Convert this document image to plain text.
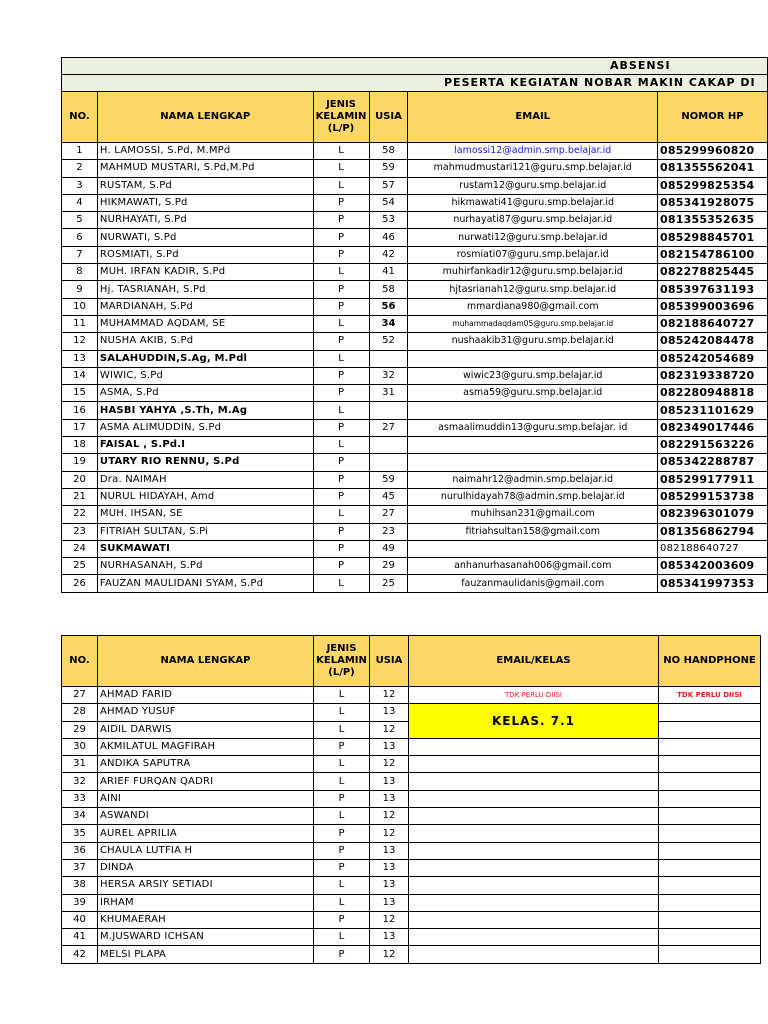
ABSENSI					
PESERTA KEGIATAN NOBAR MAKIN CAKAP DI					
NO.	NAMA LENGKAP	JENIS KELAMIN (L/P)	USIA	EMAIL	NOMOR HP
1	H. LAMOSSI, S.Pd, M.MPd	L	58	lamossi12@admin.smp.belajar.id	085299960820
2	MAHMUD MUSTARI, S.Pd,M.Pd	L	59	mahmudmustari121@guru.smp.belajar.id	081355562041
3	RUSTAM, S.Pd	L	57	rustam12@guru.smp.belajar.id	085299825354
4	HIKMAWATI, S.Pd	P	54	hikmawati41@guru.smp.belajar.id	085341928075
5	NURHAYATI, S.Pd	P	53	nurhayati87@guru.smp.belajar.id	081355352635
6	NURWATI, S.Pd	P	46	nurwati12@guru.smp.belajar.id	085298845701
7	ROSMIATI, S.Pd	P	42	rosmiati07@guru.smp.belajar.id	082154786100
8	MUH. IRFAN KADIR, S.Pd	L	41	muhirfankadir12@guru.smp.belajar.id	082278825445
9	Hj. TASRIANAH, S.Pd	P	58	hjtasrianah12@guru.smp.belajar.id	085397631193
10	MARDIANAH, S.Pd	P	56	mmardiana980@gmail.com	085399003696
11	MUHAMMAD AQDAM, SE	L	34	muhammadaqdam05@guru.smp.belajar.id	082188640727
12	NUSHA AKIB, S.Pd	P	52	nushaakib31@guru.smp.belajar.id	085242084478
13	SALAHUDDIN,S.Ag, M.Pdl	L			085242054689
14	WIWIC, S.Pd	P	32	wiwic23@guru.smp.belajar.id	082319338720
15	ASMA, S.Pd	P	31	asma59@guru.smp.belajar.id	082280948818
16	HASBI YAHYA ,S.Th, M.Ag	L			085231101629
17	ASMA ALIMUDDIN, S.Pd	P	27	asmaalimuddin13@guru.smp.belajar. id	082349017446
18	FAISAL , S.Pd.I	L			082291563226
19	UTARY RIO RENNU, S.Pd	P			085342288787
20	Dra. NAIMAH	P	59	naimahr12@admin.smp.belajar.id	085299177911
21	NURUL HIDAYAH, Amd	P	45	nurulhidayah78@admin.smp.belajar.id	085299153738
22	MUH. IHSAN, SE	L	27	muhihsan231@gmail.com	082396301079
23	FITRIAH SULTAN, S.Pi	P	23	fitriahsultan158@gmail.com	081356862794
24	SUKMAWATI	P	49		082188640727
25	NURHASANAH, S.Pd	P	29	anhanurhasanah006@gmail.com	085342003609
26	FAUZAN MAULIDANI SYAM, S.Pd	L	25	fauzanmaulidanis@gmail.com	085341997353
NO.	NAMA LENGKAP	JENIS KELAMIN (L/P)	USIA	EMAIL/KELAS	NO HANDPHONE
27	AHMAD FARID	L	12	TDK PERLU DIISI	TDK PERLU DIISI
28	AHMAD YUSUF	L	13	KELAS. 7.1	
29	AIDIL DARWIS	L	12		
30	AKMILATUL MAGFIRAH	P	13		
31	ANDIKA SAPUTRA	L	12		
32	ARIEF FURQAN QADRI	L	13		
33	AINI	P	13		
34	ASWANDI	L	12		
35	AUREL APRILIA	P	12		
36	CHAULA LUTFIA H	P	13		
37	DINDA	P	13		
38	HERSA ARSIY SETIADI	L	13		
39	IRHAM	L	13		
40	KHUMAERAH	P	12		
41	M.JUSWARD ICHSAN	L	13		
42	MELSI PLAPA	P	12		
